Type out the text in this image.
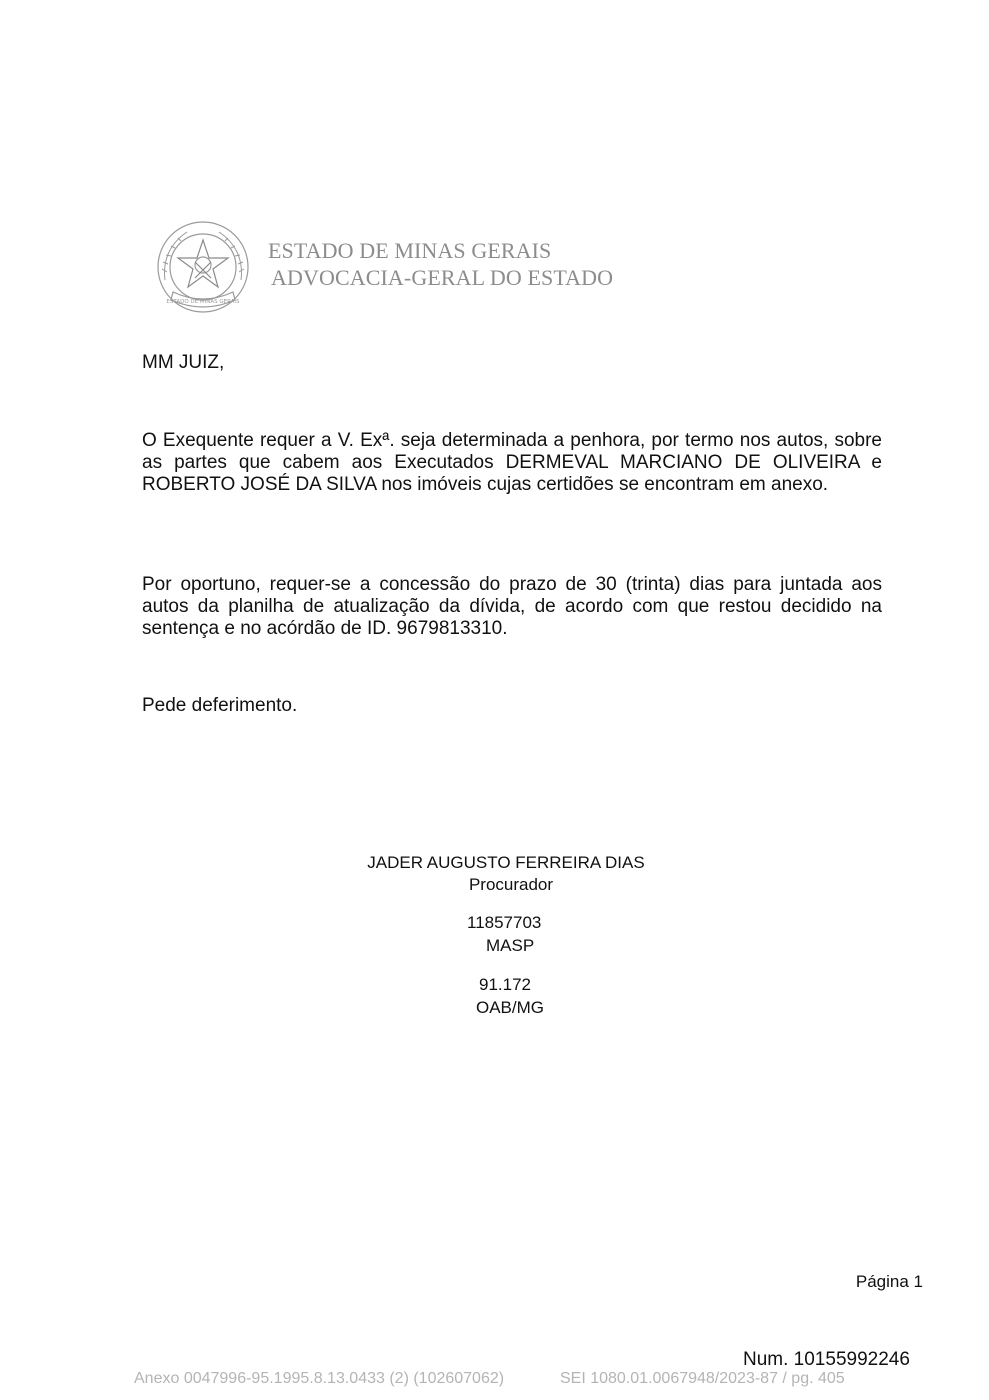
ESTADO DE MINAS GERAIS
ESTADO DE MINAS GERAIS
ADVOCACIA-GERAL DO ESTADO
MM JUIZ,
O Exequente requer a V. Exª. seja determinada a penhora, por termo nos autos, sobre as partes que cabem aos Executados DERMEVAL MARCIANO DE OLIVEIRA e ROBERTO JOSÉ DA SILVA nos imóveis cujas certidões se encontram em anexo.
Por oportuno, requer-se a concessão do prazo de 30 (trinta) dias para juntada aos autos da planilha de atualização da dívida, de acordo com que restou decidido na sentença e no acórdão de ID. 9679813310.
Pede deferimento.
JADER AUGUSTO FERREIRA DIAS
Procurador
11857703
MASP
91.172
OAB/MG
Página 1
Num. 10155992246
Anexo 0047996-95.1995.8.13.0433 (2) (102607062)	SEI 1080.01.0067948/2023-87 / pg. 405
